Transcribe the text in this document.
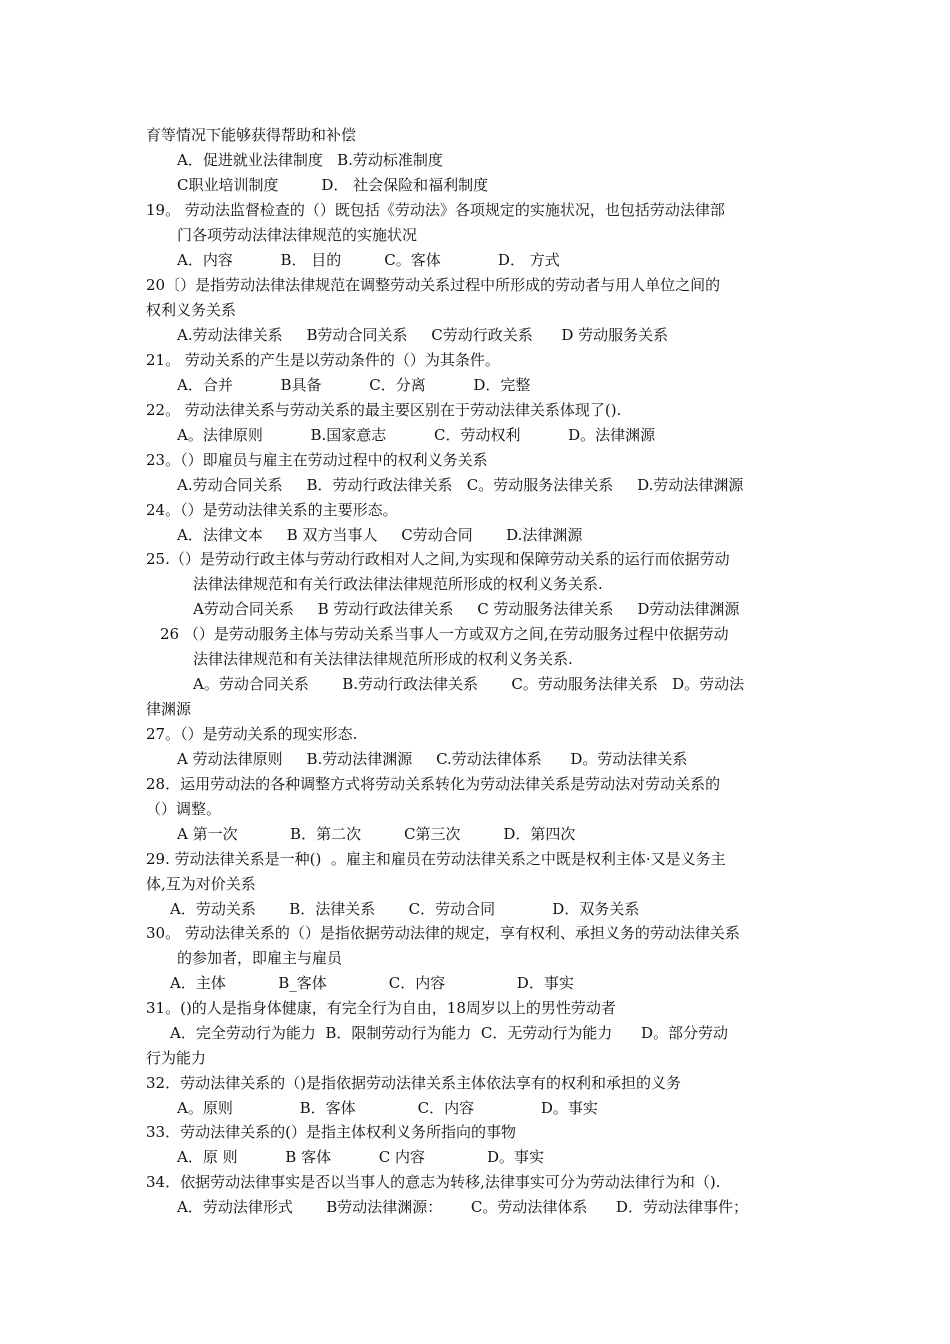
育等情况下能够获得帮助和补偿
A．促进就业法律制度   B.劳动标准制度
C职业培训制度         D． 社会保险和福利制度
19。 劳动法监督检查的（）既包括《劳动法》各项规定的实施状况，也包括劳动法律部
门各项劳动法律法律规范的实施状况
A．内容          B． 目的         C。客体            D． 方式
20〔）是指劳动法律法律规范在调整劳动关系过程中所形成的劳动者与用人单位之间的
权利义务关系
A.劳动法律关系     B劳动合同关系     C劳动行政关系      D 劳动服务关系
21。 劳动关系的产生是以劳动条件的（）为其条件。
A．合并          B具备          C．分离          D．完整
22。 劳动法律关系与劳动关系的最主要区别在于劳动法律关系体现了().
A。法律原则          B.国家意志          C．劳动权利          D。法律渊源
23。（）即雇员与雇主在劳动过程中的权利义务关系
A.劳动合同关系     B．劳动行政法律关系   C。劳动服务法律关系     D.劳动法律渊源
24。（）是劳动法律关系的主要形态。
A．法律文本     B 双方当事人     C劳动合同       D.法律渊源
25.（）是劳动行政主体与劳动行政相对人之间,为实现和保障劳动关系的运行而依据劳动
法律法律规范和有关行政法律法律规范所形成的权利义务关系.
A劳动合同关系     B 劳动行政法律关系     C 劳动服务法律关系     D劳动法律渊源
26 （）是劳动服务主体与劳动关系当事人一方或双方之间,在劳动服务过程中依据劳动
法律法律规范和有关法律法律规范所形成的权利义务关系.
A。劳动合同关系       B.劳动行政法律关系       C。劳动服务法律关系   D。劳动法
律渊源
27。（）是劳动关系的现实形态.
A 劳动法律原则     B.劳动法律渊源     C.劳动法律体系      D。劳动法律关系
28．运用劳动法的各种调整方式将劳动关系转化为劳动法律关系是劳动法对劳动关系的
（）调整。
A 第一次           B．第二次         C第三次         D．第四次
29. 劳动法律关系是一种()  。雇主和雇员在劳动法律关系之中既是权利主体·又是义务主
体,互为对价关系
A．劳动关系       B．法律关系       C．劳动合同            D．双务关系
30。 劳动法律关系的（）是指依据劳动法律的规定，享有权利、承担义务的劳动法律关系
的参加者，即雇主与雇员
A．主体           B_客体             C．内容               D．事实
31。()的人是指身体健康，有完全行为自由，18周岁以上的男性劳动者
A．完全劳动行为能力  B．限制劳动行为能力  C．无劳动行为能力      D。部分劳动
行为能力
32．劳动法律关系的（)是指依据劳动法律关系主体依法享有的权利和承担的义务
A。原则              B．客体             C．内容              D。事实
33．劳动法律关系的(）是指主体权利义务所指向的事物
A．原 则          B 客体          C 内容             D。事实
34．依据劳动法律事实是否以当事人的意志为转移,法律事实可分为劳动法律行为和（).
A．劳动法律形式       B劳动法律渊源：      C。劳动法律体系      D．劳动法律事件；
